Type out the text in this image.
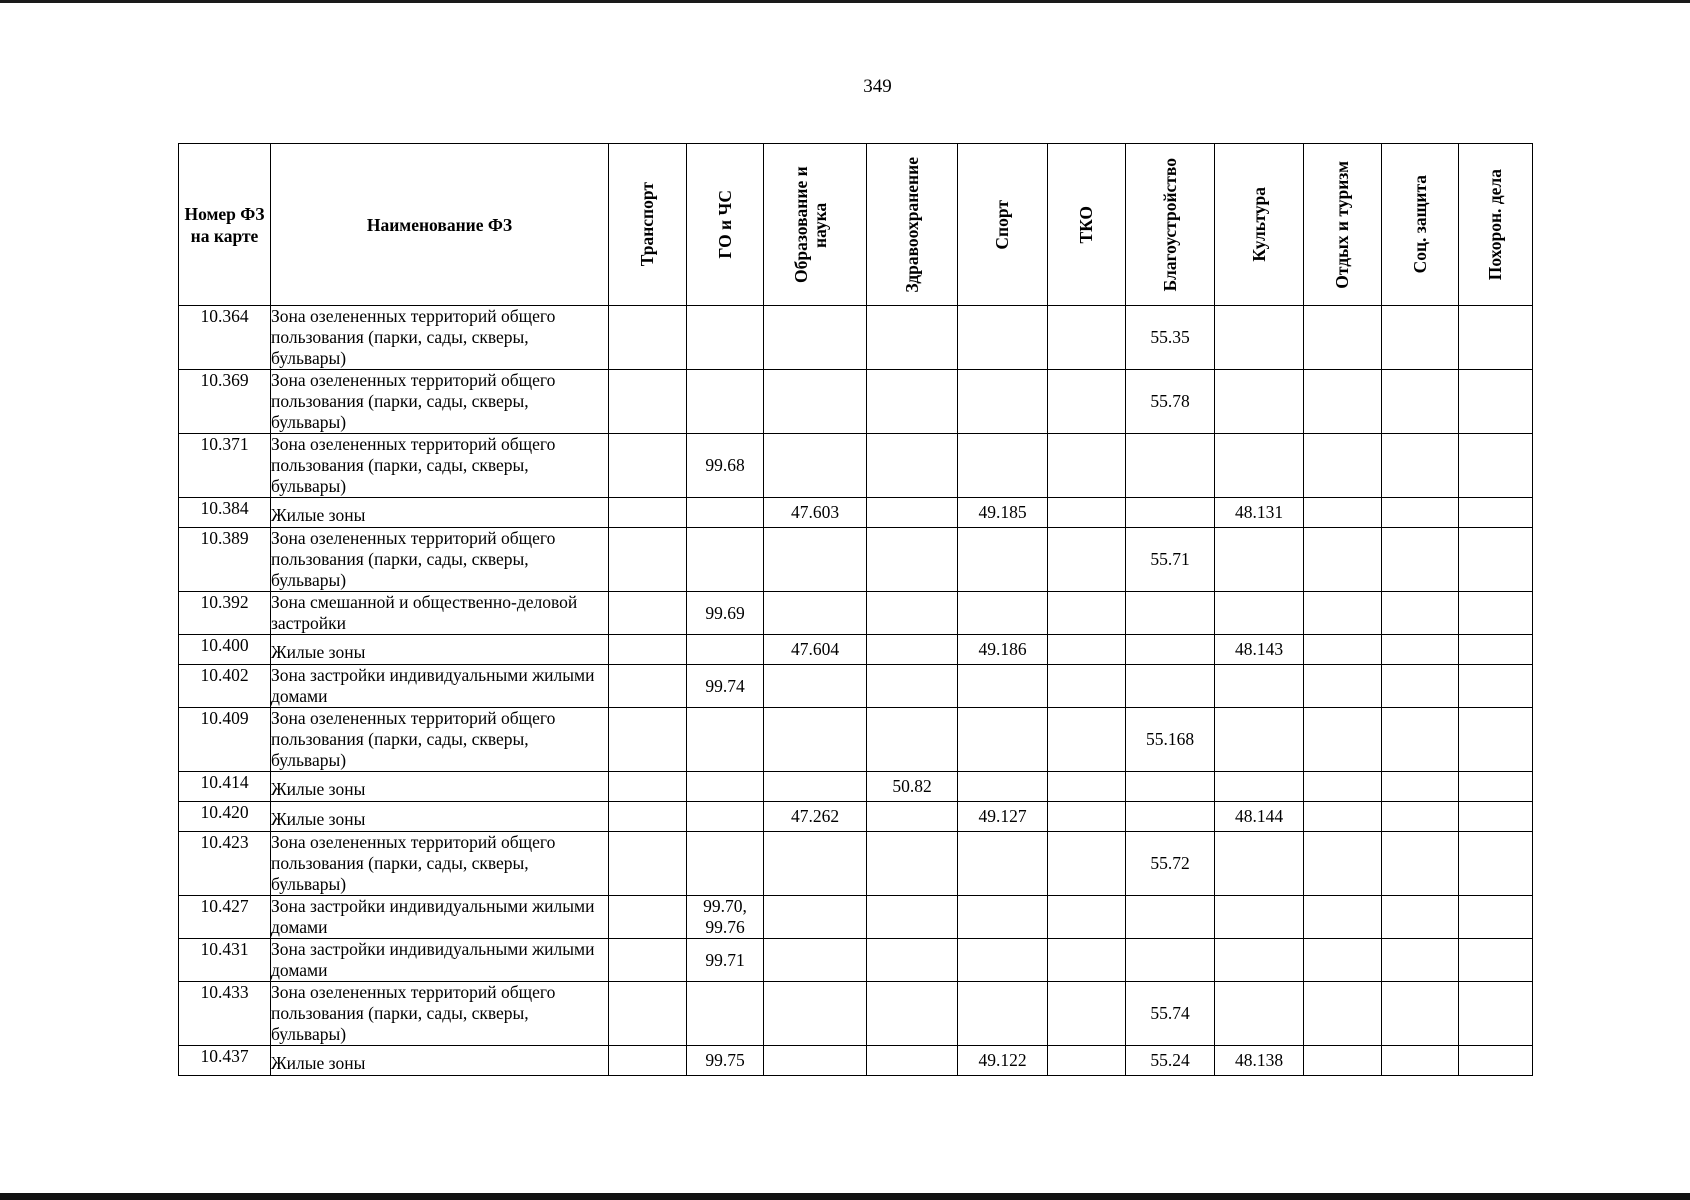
349
Номер ФЗ на карте	Наименование ФЗ	Транспорт	ГО и ЧС	Образование и наука	Здравоохранение	Спорт	ТКО	Благоустройство	Культура	Отдых и туризм	Соц. защита	Похорон. дела

10.364	Зона озелененных территорий общего пользования (парки, сады, скверы, бульвары)							55.35				
10.369	Зона озелененных территорий общего пользования (парки, сады, скверы, бульвары)							55.78				
10.371	Зона озелененных территорий общего пользования (парки, сады, скверы, бульвары)		99.68									
10.384	Жилые зоны			47.603		49.185			48.131			
10.389	Зона озелененных территорий общего пользования (парки, сады, скверы, бульвары)							55.71				
10.392	Зона смешанной и общественно-деловой застройки		99.69									
10.400	Жилые зоны			47.604		49.186			48.143			
10.402	Зона застройки индивидуальными жилыми домами		99.74									
10.409	Зона озелененных территорий общего пользования (парки, сады, скверы, бульвары)							55.168				
10.414	Жилые зоны				50.82							
10.420	Жилые зоны			47.262		49.127			48.144			
10.423	Зона озелененных территорий общего пользования (парки, сады, скверы, бульвары)							55.72				
10.427	Зона застройки индивидуальными жилыми домами		99.70, 99.76									
10.431	Зона застройки индивидуальными жилыми домами		99.71									
10.433	Зона озелененных территорий общего пользования (парки, сады, скверы, бульвары)							55.74				
10.437	Жилые зоны		99.75			49.122		55.24	48.138			
